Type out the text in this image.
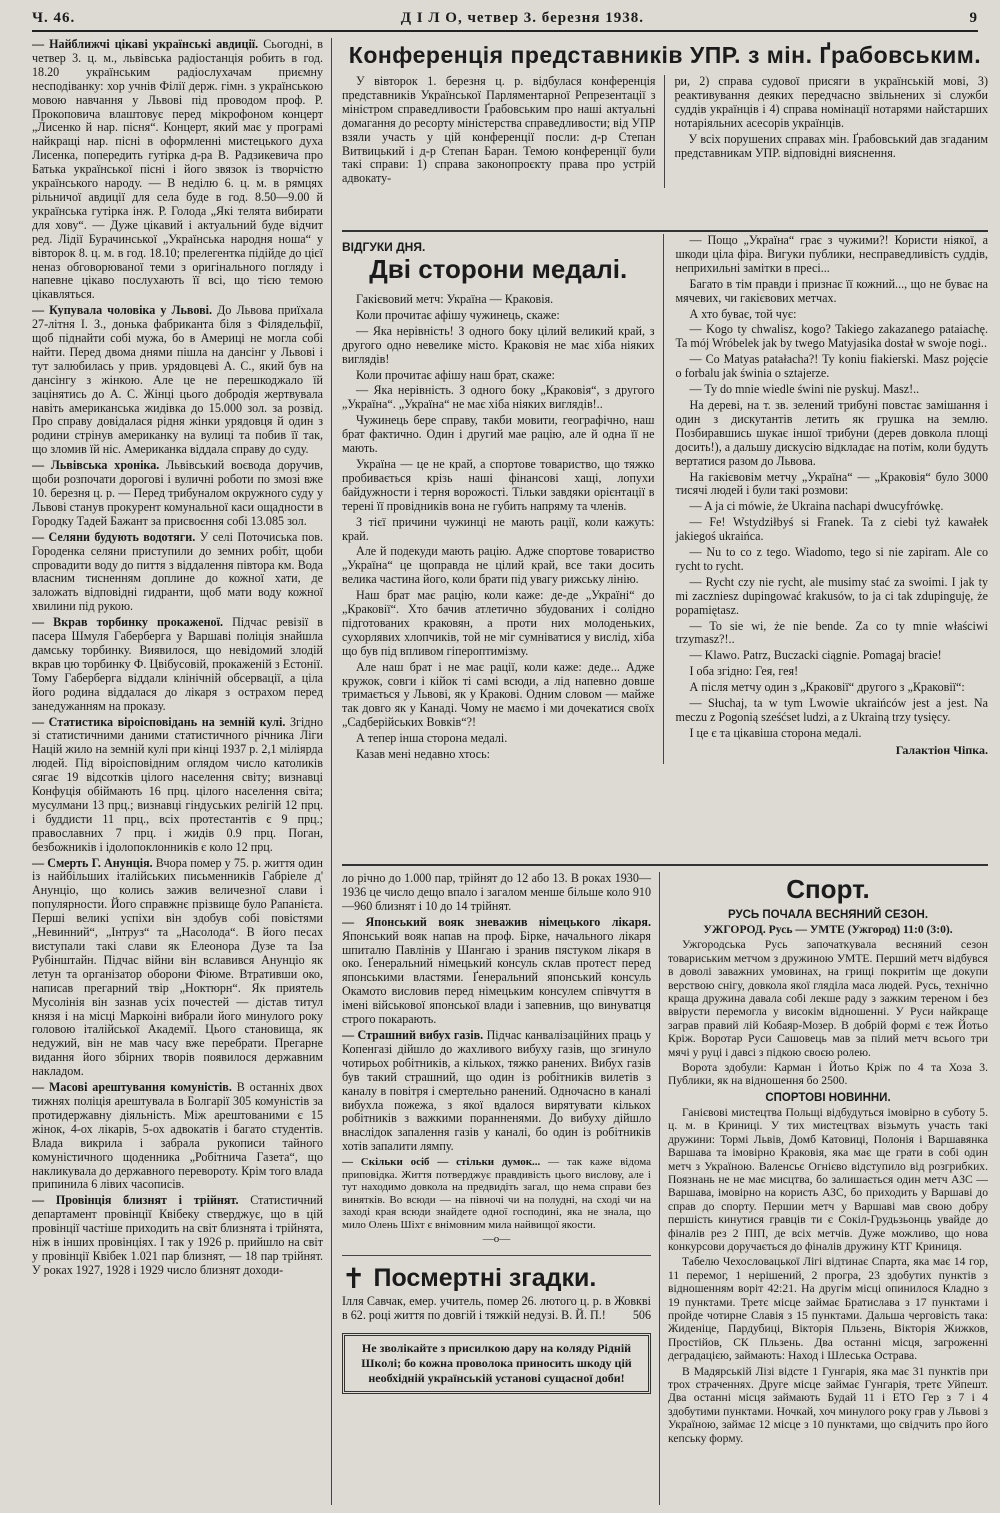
Ч. 46.	Д І Л О, четвер 3. березня 1938.	9

— Найближчі цікаві українські авдиції. Сьогодні, в четвер 3. ц. м., львівська радіостанція робить в год. 18.20 українським радіослухачам приємну несподіванку: хор учнів Філії держ. гімн. з українською мовою навчання у Львові під проводом проф. Р. Прокоповича влаштовує перед мікрофоном концерт „Лисенко й нар. пісня“. Концерт, який має у програмі найкращі нар. пісні в оформленні мистецького духа Лисенка, попередить гутірка д-ра В. Радзикевича про Батька української пісні і його звязок із творчістю українського народу. — В неділю 6. ц. м. в рямцях рільничої авдиції для села буде в год. 8.50—9.00 й українська гутірка інж. Р. Голода „Які телята вибирати для хову“. — Дуже цікавий і актуальний буде відчит ред. Лідії Бурачинської „Українська народня ноша“ у вівторок 8. ц. м. в год. 18.10; прелегентка підійде до цієї неназ обговорюваної теми з оригінального погляду і напевне цікаво послухають її всі, що тією темою цікавляться.

— Купувала чоловіка у Львові. До Львова приїхала 27-літня І. З., донька фабриканта біля з Філядельфії, щоб піднайти собі мужа, бо в Америці не могла собі найти. Перед двома днями пішла на дансінг у Львові і тут залюбилась у прив. урядовцеві А. С., який був на дансінгу з жінкою. Але це не перешкоджало їй зацінятись до А. С. Жінці цього добродія жертвувала навіть американська жидівка до 15.000 зол. за розвід. Про справу довідалася рідня жінки урядовця й один з родини стрінув американку на вулиці та побив її так, що зломив їй ніс. Американка віддала справу до суду.

— Львівська хроніка. Львівський воєвода доручив, щоби розпочати дорогові і вуличні роботи по змозі вже 10. березня ц. р. — Перед трибуналом окружного суду у Львові станув прокурент комунальної каси ощадности в Городку Тадей Бажант за присвоєння собі 13.085 зол.

— Селяни будують водотяги. У селі Поточиська пов. Городенка селяни приступили до земних робіт, щоби спровадити воду до пиття з віддалення півтора км. Вода власним тисненням доплине до кожної хати, де заложать відповідні гидранти, щоб мати воду кожної хвилини під рукою.

— Вкрав торбинку прокаженої. Підчас ревізії в пасера Шмуля Габерберга у Варшаві поліція знайшла дамську торбинку. Виявилося, що невідомий злодій вкрав цю торбинку Ф. Цвібусовій, прокаженій з Естонії. Тому Габерберга віддали клінічній обсервації, а ціла його родина віддалася до лікаря з острахом перед занедужанням на проказу.

— Статистика віроісповідань на земній кулі. Згідно зі статистичними даними статистичного річника Ліги Націй жило на земній кулі при кінці 1937 р. 2,1 міліярда людей. Під віроісповідним оглядом число католиків сягає 19 відсотків цілого населення світу; визнавці Конфуція обіймають 16 прц. цілого населення світа; мусулмани 13 прц.; визнавці гіндуських релігій 12 прц. і буддисти 11 прц., всіх протестантів є 9 прц.; православних 7 прц. і жидів 0.9 прц. Поган, безбожників і ідолопоклонників є коло 12 прц.

— Смерть Г. Анунція. Вчора помер у 75. р. життя один із найбільших італійських письменників Габріеле д' Анунціо, що колись зажив величезної слави і популярности. Його справжнє прізвище було Рапанієта. Перші великі успіхи він здобув собі повістями „Невинний“, „Інтруз“ та „Насолода“. В його песах виступали такі слави як Елеонора Дузе та Іза Рубінштайн. Підчас війни він вславився Анунціо як летун та організатор оборони Фіюме. Втративши око, написав прегарний твір „Ноктюрн“. Як приятель Мусолінія він зазнав усіх почестей — дістав титул князя і на місці Маркоіні вибрали його минулого року головою італійської Академії. Цього становища, як недужий, він не мав часу вже перебрати. Прегарне видання його збірних творів появилося державним накладом.

— Масові арештування комуністів. В останніх двох тижнях поліція арештувала в Болгарії 305 комуністів за протидержавну діяльність. Між арештованими є 15 жінок, 4-ох лікарів, 5-ох адвокатів і багато студентів. Влада викрила і забрала рукописи тайного комуністичного щоденника „Робітнича Газета“, що накликувала до державного перевороту. Крім того влада припинила 6 лівих часописів.

— Провінція близнят і трійнят. Статистичний департамент провінції Квібеку стверджує, що в цій провінції частіше приходить на світ близнята і трійнята, ніж в інших провінціях. І так у 1926 р. прийшло на світ у провінції Квібек 1.021 пар близнят, — 18 пар трійнят. У роках 1927, 1928 і 1929 число близнят доходи-

Конференція представників УПР. з мін. Ґрабовським.

У вівторок 1. березня ц. р. відбулася конференція представників Української Парляментарної Репрезентації з міністром справедливости Ґрабовським про наші актуальні домагання до ресорту міністерства справедливости; від УПР взяли участь у цій конференції посли: д-р Степан Витвицький і д-р Степан Баран. Темою конференції були такі справи: 1) справа законопроєкту права про устрій адвокату-

ри, 2) справа судової присяги в українській мові, 3) реактивування деяких передчасно звільнених зі служби суддів українців і 4) справа номінації нотарями найстарших нотаріяльних асесорів українців.

У всіх порушених справах мін. Ґрабовський дав згаданим представникам УПР. відповідні вияснення.

ВІДГУКИ ДНЯ.
Дві сторони медалі.

Гакієвовий метч: Україна — Краковія.

Коли прочитає афішу чужинець, скаже:

— Яка нерівність! З одного боку цілий великий край, з другого одно невелике місто. Краковія не має хіба ніяких виглядів!

Коли прочитає афішу наш брат, скаже:

— Яка нерівність. З одного боку „Краковія“, з другого „Україна“. „Україна“ не має хіба ніяких виглядів!..

Чужинець бере справу, такби мовити, географічно, наш брат фактично. Один і другий мае рацію, але й одна її не мають.

Україна — це не край, а спортове товариство, що тяжко пробивається крізь наші фінансові хащі, лопухи байдужности і терня ворожості. Тільки завдяки орієнтації в терені її провідників вона не губить напряму та членів.

З тієї причини чужинці не мають рації, коли кажуть: край.

Але й подекуди мають рацію. Адже спортове товариство „Україна“ це щоправда не цілий край, все таки досить велика частина його, коли брати під увагу рижську лінію.

Наш брат має рацію, коли каже: де-де „Україні“ до „Краковії“. Хто бачив атлетично збудованих і солідно підготованих краковян, а проти них молоденьких, сухорлявих хлопчиків, той не міг сумніватися у вислід, хіба що був під впливом гіпероптимізму.

Але наш брат і не має рації, коли каже: деде... Адже кружок, совги і кійок ті самі всюди, а лід напевно довше тримається у Львові, як у Кракові. Одним словом — майже так довго як у Канаді. Чому не маємо і ми дочекатися своїх „Садберійських Вовків“?!

А тепер інша сторона медалі.

Казав мені недавно хтось:

— Пощо „Україна“ грає з чужими?! Користи ніякої, а шкоди ціла фіра. Вигуки публики, несправедливість суддів, неприхильні замітки в пресі...

Багато в тім правди і признає її кожний..., що не буває на мячевих, чи гакієвових метчах.

А хто буває, той чує:

— Kogo ty chwalisz, kogo? Takiego zakazanego pataiachę. Ta mój Wróbelek jak by twego Matyjasika dostał w swoje nogi..

— Co Matyas patałacha?! Ty koniu fiakierski. Masz pojęcie o forbalu jak świnia o sztajerze.

— Ty do mnie wiedle świni nie pyskuj. Masz!..

На дереві, на т. зв. зелений трибуні повстає замішання і один з дискутантів летить як грушка на землю. Позбиравшись шукає іншої трибуни (дерев довкола площі досить!), а дальшу дискусію відкладає на потім, коли будуть вертатися разом до Львова.

На гакієвовім метчу „Україна“ — „Краковія“ було 3000 тисячі людей і були такі розмови:

— A ja ci mówie, że Ukraina nachapi dwucyfrówkę.

— Fe! Wstydziłbyś si Franek. Ta z ciebi tyż kawałek jakiegoś ukraińca.

— Nu to co z tego. Wiadomo, tego si nie zapiram. Ale co rycht to rycht.

— Rycht czy nie rycht, ale musimy stać za swoimi. I jak ty mi zaczniesz dupingować krakusów, to ja ci tak zdupinguję, że popamiętasz.

— To sie wi, że nie bende. Za co ty mnie właściwi trzymasz?!..

— Klawo. Patrz, Buczacki ciągnie. Pomagaj bracie!

І оба згідно: Гея, гея!

А після метчу один з „Краковії“ другого з „Краковії“:

— Słuchaj, ta w tym Lwowie ukraińców jest a jest. Na meczu z Pogonią sześćset ludzi, a z Ukrainą trzy tysięcy.

І це є та цікавіша сторона медалі.

Галактіон Чіпка.

ло річно до 1.000 пар, трійнят до 12 або 13. В роках 1930—1936 це число дещо впало і загалом менше більше коло 910—960 близнят і 10 до 14 трійнят.

— Японський вояк зневажив німецького лікаря. Японський вояк напав на проф. Бірке, начального лікаря шпиталю Павлінів у Шангаю і зранив пястуком лікаря в око. Ґенеральний німецький консуль склав протест перед японськими властями. Ґенеральний японський консуль Окамото висловив перед німецьким консулем співчуття в імені військової японської влади і запевнив, що винуватця строго покарають.

— Страшний вибух газів. Підчас канвалізаційних праць у Копенгазі дійшло до жахливого вибуху газів, що згинуло чотирьох робітників, а кількох, тяжко ранених. Вибух газів був такий страшний, що один із робітників вилетів з каналу в повітря і смертельно ранений. Одночасно в каналі вибухла пожежа, з якої вдалося вирятувати кількох робітників з важкими поранненями. До вибуху дійшло внаслідок запалення газів у каналі, бо один із робітників хотів запалити лямпу.

— Скільки осіб — стільки думок... — так каже відома приповідка. Життя потверджує правдивість цього вислову, але і тут находимо довкола на предвидіть загал, що нема справи без винятків. Во всюди — на півночі чи на полудні, на сході чи на заході края всюди знайдете одної господині, яка не знала, що мило Олень Шіхт є внімовним мила найвищої якости.

—о—
✝ Посмертні згадки.

Ілля Савчак, емер. учитель, помер 26. лютого ц. р. в Жовкві в 62. році життя по довгій і тяжкій недузі. В. Й. П.! 506

Не зволікайте з присилкою дару на коляду Рідній Школі; бо кожна проволока приносить шкоду цій необхідній українській установі сущасної доби!
Спорт.
РУСЬ ПОЧАЛА ВЕСНЯНИЙ СЕЗОН.

УЖГОРОД. Русь — УМТЕ (Ужгород) 11:0 (3:0).

Ужгородська Русь започаткувала весняний сезон товариським метчом з дружиною УМТЕ. Перший метч відбувся в доволі заважних умовинах, на грищі покритім ще докупи верствою снігу, довкола якої гляділа маса людей. Русь, технічно краща дружина давала собі лекше раду з зажким тереном і без ввірусти перемогла у високім відношенні. У Руси найкраще заграв правий лій Кобаяр-Мозер. В добрій формі є теж Йотьо Кріж. Воротар Руси Сашовець мав за пілий метч всього три мячі у руці і давсі з підкою своєю ролею.

Ворота здобули: Карман і Йотьо Кріж по 4 та Хоза 3. Публики, як на відношення бо 2500.

СПОРТОВІ НОВИННИ.

Ганієвові мистецтва Польщі відбудуться імовірно в суботу 5. ц. м. в Криниці. У тих мистецтвах візьмуть участь такі дружини: Тормі Львів, Домб Катовиці, Полонія і Варшавянка Варшава та імовірно Краковія, яка має ще грати в собі один метч з Україною. Валенсьє Огнієво відступило від розгрибких. Поязнань не не має мисцтва, бо залишається один метч АЗС — Варшава, імовірно на користь АЗС, бо приходить у Варшаві до справ до спорту. Першии метч у Варшаві мав свою добру першість кинутися гравців ти є Сокіл-Грудьзьонць увайде до фіналів рез 2 ПІП, де всіх метчів. Дуже можливо, що нова конкурсови доручається до фіналів дружину КТГ Криниця.

Табелю Чехословацької Лігі відтинає Спарта, яка має 14 гор, 11 перемог, 1 нерішений, 2 програ, 23 здобутих пунктів з відношенням воріт 42:21. На другім місці опинилося Кладно з 19 пунктами. Третє місце займає Братислава з 17 пунктами і пройде чотирне Славія з 15 пунктами. Дальша черговість така: Жиденіце, Пардубиці, Вікторія Пльзень, Вікторія Жижков, Простійов, СК Пльзень. Два останні місця, загроженні деградацією, займають: Наход і Шлеська Острава.

В Мадярській Лізі відсте 1 Гунгарія, яка має 31 пунктів при трох страченнях. Друге місце займає Гунгарія, третє Уйпешт. Два останні місця займають Будай 11 і ЕТО Гер з 7 і 4 здобутими пунктами. Ночкай, хоч минулого року грав у Львові з Україною, займає 12 місце з 10 пунктами, що свідчить про його кепську форму.
